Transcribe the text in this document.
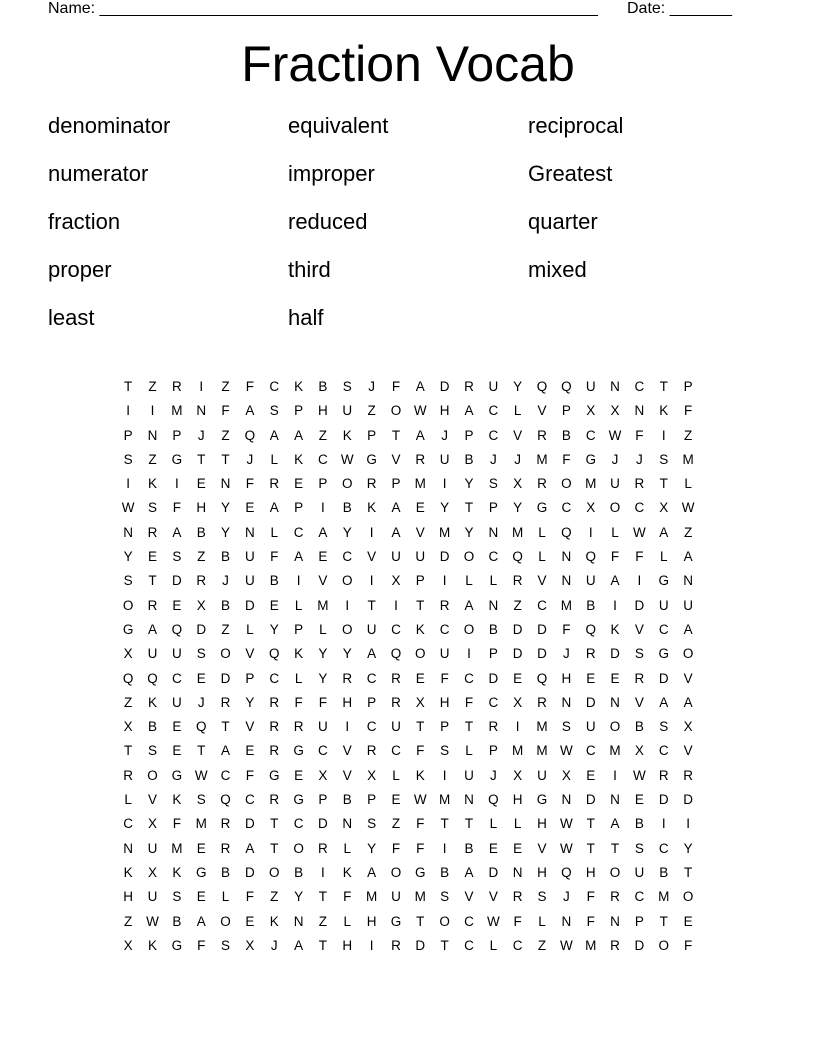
Name: ________________________________________________________ Date: _______
Fraction Vocab
denominator	equivalent	reciprocal
numerator	improper	Greatest
fraction	reduced	quarter
proper	third	mixed
least	half
T	Z	R	I	Z	F	C	K	B	S	J	F	A	D	R	U	Y	Q	Q	U	N	C	T	P
I	I	M	N	F	A	S	P	H	U	Z	O W H	A	C	L	V	P	X	X	N	K	F
P	N	P	J	Z	Q	A	A	Z	K	P	T	A	J	P	C	V	R	B	C W	F	I	Z
S	Z	G	T	T	J	L	K	C W G	V	R	U	B	J	J	M	F	G	J	J	S	M
I	K	I	E	N	F	R	E	P	O	R	P	M	I	Y	S	X	R	O M	U	R	T	L
W S	F	H	Y	E	A	P	I	B	K	A	E	Y	T	P	Y	G	C	X	O	C	X W
N	R	A	B	Y	N	L	C	A	Y	I	A	V	M	Y	N	M	L	Q	I	L	W A	Z
Y	E	S	Z	B	U	F	A	E	C	V	U	U	D	O	C	Q	L	N	Q	F	F	L	A
S	T	D	R	J	U	B	I	V	O	I	X	P	I	L	L	R	V	N	U	A	I	G	N
O	R	E	X	B	D	E	L	M	I	T	I	T	R	A	N	Z	C	M	B	I	D	U	U
G	A	Q	D	Z	L	Y	P	L	O	U	C	K	C	O	B	D	D	F	Q	K	V	C	A
X	U	U	S	O	V	Q	K	Y	Y	A	Q	O	U	I	P	D	D	J	R	D	S	G	O
Q	Q	C	E	D	P	C	L	Y	R	C	R	E	F	C	D	E	Q	H	E	E	R	D	V
Z	K	U	J	R	Y	R	F	F	H	P	R	X	H	F	C	X	R	N	D	N	V	A	A
X	B	E	Q	T	V	R	R	U	I	C	U	T	P	T	R	I	M	S	U	O	B	S	X
T	S	E	T	A	E	R	G	C	V	R	C	F	S	L	P	M M W C	M	X	C	V
R	O	G W C	F	G	E	X	V	X	L	K	I	U	J	X	U	X	E	I	W R	R
L	V	K	S	Q	C	R	G	P	B	P	E W M	N	Q	H	G	N	D	N	E	D	D
C	X	F	M	R	D	T	C	D	N	S	Z	F	T	T	L	L	H W	T	A	B	I	I
N	U	M	E	R	A	T	O	R	L	Y	F	F	I	B	E	E	V W	T	T	S	C	Y
K	X	K	G	B	D	O	B	I	K	A	O	G	B	A	D	N	H	Q	H	O	U	B	T
H	U	S	E	L	F	Z	Y	T	F	M	U	M	S	V	V	R	S	J	F	R	C	M O
Z	W B	A	O	E	K	N	Z	L	H	G	T	O	C W	F	L	N	F	N	P	T	E
X	K	G	F	S	X	J	A	T	H	I	R	D	T	C	L	C	Z	W M	R	D	O	F
